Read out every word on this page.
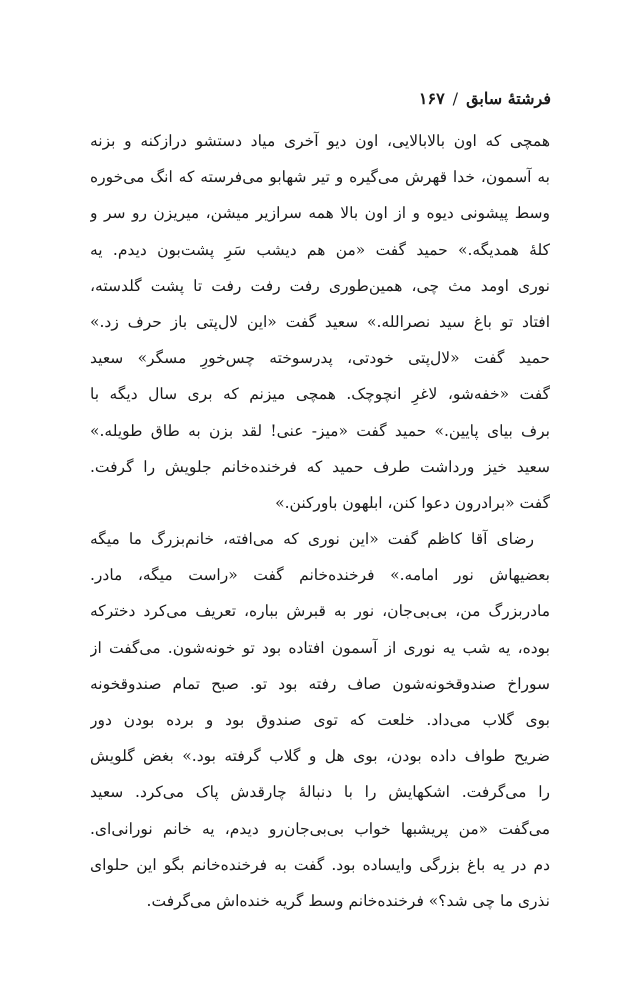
فرشتهٔ سابق/۱۶۷
همچی که اون بالابالایی، اون دیو آخری میاد دستشو درازکنه و بزنه
به آسمون، خدا قهرش می‌گیره و تیر شهابو می‌فرسته که انگ می‌خوره
وسط پیشونی دیوه و از اون بالا همه سرازیر میشن، میریزن رو سر و
کلهٔ همدیگه.» حمید گفت «من هم دیشب سَرِ پشت‌بون دیدم. یه
نوری اومد مث چی، همین‌طوری رفت رفت رفت تا پشت گلدسته،
افتاد تو باغ سید نصرالله.» سعید گفت «این لال‌پتی باز حرف زد.»
حمید گفت «لال‌پتی خودتی، پدرسوخته چس‌خورِ مسگر» سعید
گفت «خفه‌شو، لاغرِ انچوچک. همچی میزنم که بری سال دیگه با
برف بیای پایین.» حمید گفت «میز- عنی! لقد بزن به طاق طویله.»
سعید خیز ورداشت طرف حمید که فرخنده‌خانم جلویش را گرفت.
گفت «برادرون دعوا کنن، ابلهون باورکنن.»
رضای آقا کاظم گفت «این نوری که می‌افته، خانم‌بزرگ ما میگه
بعضیهاش نور امامه.» فرخنده‌خانم گفت «راست میگه، مادر.
مادربزرگ من، بی‌بی‌جان، نور به قبرش بباره، تعریف می‌کرد دخترکه
بوده، یه شب یه نوری از آسمون افتاده بود تو خونه‌شون. می‌گفت از
سوراخ صندوقخونه‌شون صاف رفته بود تو. صبح تمام صندوقخونه
بوی گلاب می‌داد. خلعت که توی صندوق بود و برده بودن دور
ضریح طواف داده بودن، بوی هل و گلاب گرفته بود.» بغض گلویش
را می‌گرفت. اشکهایش را با دنبالهٔ چارقدش پاک می‌کرد. سعید
می‌گفت «من پریشبها خواب بی‌بی‌جان‌رو دیدم، یه خانم نورانی‌ای.
دم در یه باغ بزرگی وایساده بود. گفت به فرخنده‌خانم بگو این حلوای
نذری ما چی شد؟» فرخنده‌خانم وسط گریه خنده‌اش می‌گرفت.
